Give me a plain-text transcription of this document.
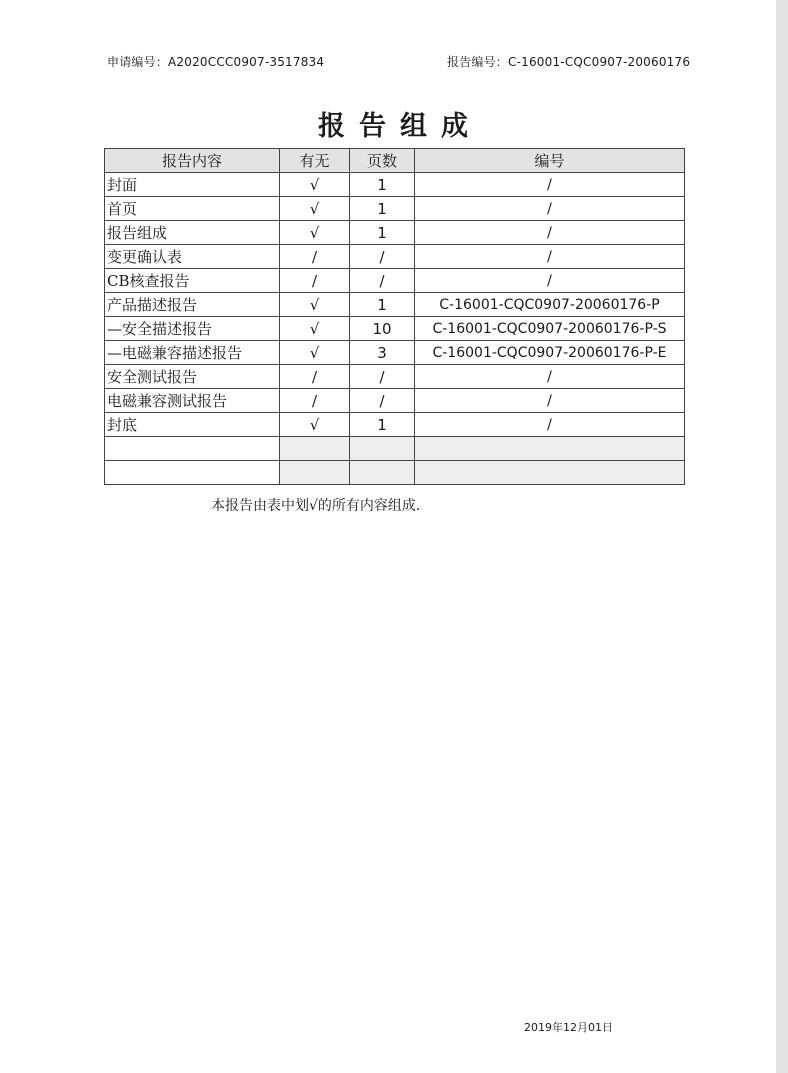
申请编号：A2020CCC0907-3517834	报告编号：C-16001-CQC0907-20060176
报告组成
报告内容	有无	页数	编号
封面	√	1	/
首页	√	1	/
报告组成	√	1	/
变更确认表	/	/	/
CB核查报告	/	/	/
产品描述报告	√	1	C-16001-CQC0907-20060176-P
—安全描述报告	√	10	C-16001-CQC0907-20060176-P-S
—电磁兼容描述报告	√	3	C-16001-CQC0907-20060176-P-E
安全测试报告	/	/	/
电磁兼容测试报告	/	/	/
封底	√	1	/

本报告由表中划√的所有内容组成.
2019年12月01日
